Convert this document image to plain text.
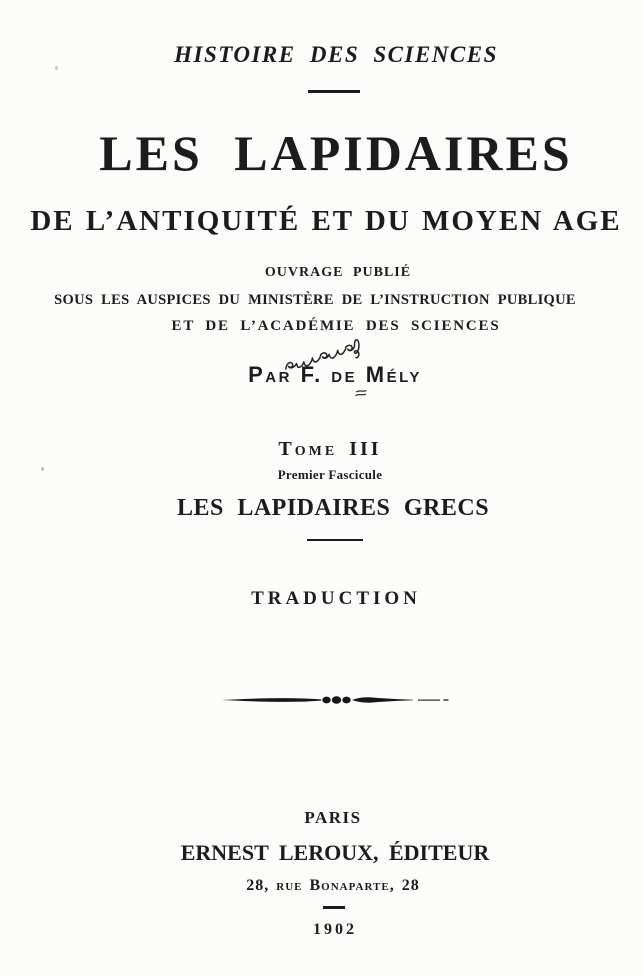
HISTOIRE DES SCIENCES
LES LAPIDAIRES
DE L’ANTIQUITÉ ET DU MOYEN AGE
OUVRAGE PUBLIÉ
SOUS LES AUSPICES DU MINISTÈRE DE L’INSTRUCTION PUBLIQUE
ET DE L’ACADÉMIE DES SCIENCES
Par F. de Mély
Tome III
Premier Fascicule
LES LAPIDAIRES GRECS
TRADUCTION
PARIS
ERNEST LEROUX, ÉDITEUR
28, rue Bonaparte, 28
1902
